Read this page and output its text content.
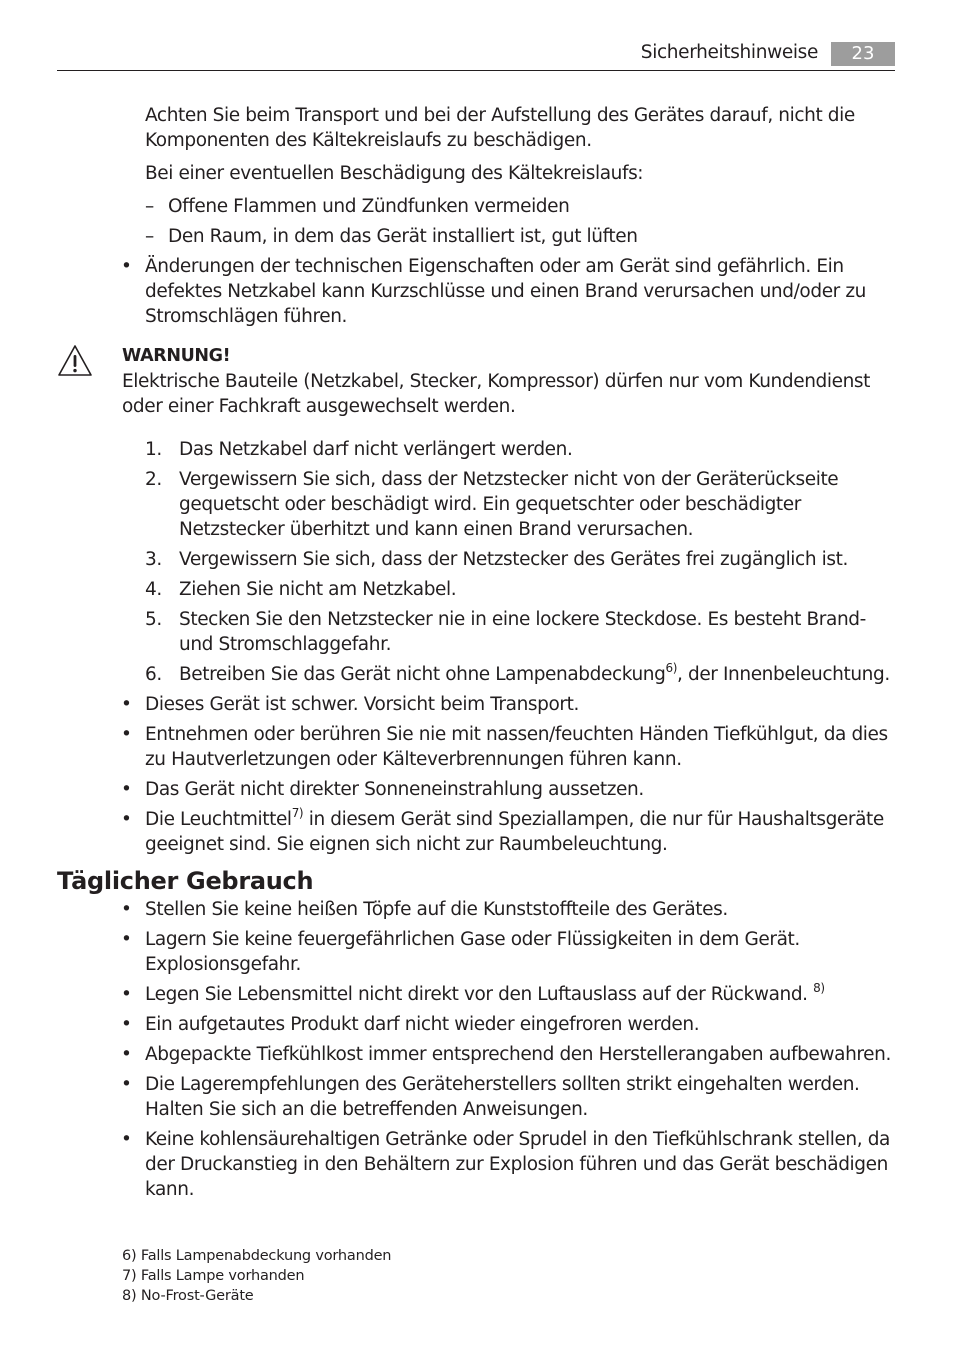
Sicherheitshinweise	23

Achten Sie beim Transport und bei der Aufstellung des Gerätes darauf, nicht die Komponenten des Kältekreislaufs zu beschädigen.

Bei einer eventuellen Beschädigung des Kältekreislaufs:

– Offene Flammen und Zündfunken vermeiden
– Den Raum, in dem das Gerät installiert ist, gut lüften
• Änderungen der technischen Eigenschaften oder am Gerät sind gefährlich. Ein defektes Netzkabel kann Kurzschlüsse und einen Brand verursachen und/oder zu Stromschlägen führen.
WARNUNG!
Elektrische Bauteile (Netzkabel, Stecker, Kompressor) dürfen nur vom Kundendienst oder einer Fachkraft ausgewechselt werden.
1. Das Netzkabel darf nicht verlängert werden.
2. Vergewissern Sie sich, dass der Netzstecker nicht von der Geräterückseite gequetscht oder beschädigt wird. Ein gequetschter oder beschädigter Netzstecker überhitzt und kann einen Brand verursachen.
3. Vergewissern Sie sich, dass der Netzstecker des Gerätes frei zugänglich ist.
4. Ziehen Sie nicht am Netzkabel.
5. Stecken Sie den Netzstecker nie in eine lockere Steckdose. Es besteht Brand- und Stromschlaggefahr.
6. Betreiben Sie das Gerät nicht ohne Lampenabdeckung$^{6)}$, der Innenbeleuchtung.
• Dieses Gerät ist schwer. Vorsicht beim Transport.
• Entnehmen oder berühren Sie nie mit nassen/feuchten Händen Tiefkühlgut, da dies zu Hautverletzungen oder Kälteverbrennungen führen kann.
• Das Gerät nicht direkter Sonneneinstrahlung aussetzen.
• Die Leuchtmittel$^{7)}$ in diesem Gerät sind Speziallampen, die nur für Haushaltsgeräte geeignet sind. Sie eignen sich nicht zur Raumbeleuchtung.
Täglicher Gebrauch
• Stellen Sie keine heißen Töpfe auf die Kunststoffteile des Gerätes.
• Lagern Sie keine feuergefährlichen Gase oder Flüssigkeiten in dem Gerät. Explosionsgefahr.
• Legen Sie Lebensmittel nicht direkt vor den Luftauslass auf der Rückwand. $^{8)}$
• Ein aufgetautes Produkt darf nicht wieder eingefroren werden.
• Abgepackte Tiefkühlkost immer entsprechend den Herstellerangaben aufbewahren.
• Die Lagerempfehlungen des Geräteherstellers sollten strikt eingehalten werden. Halten Sie sich an die betreffenden Anweisungen.
• Keine kohlensäurehaltigen Getränke oder Sprudel in den Tiefkühlschrank stellen, da der Druckanstieg in den Behältern zur Explosion führen und das Gerät beschädigen kann.
6) Falls Lampenabdeckung vorhanden
7) Falls Lampe vorhanden
8) No-Frost-Geräte
